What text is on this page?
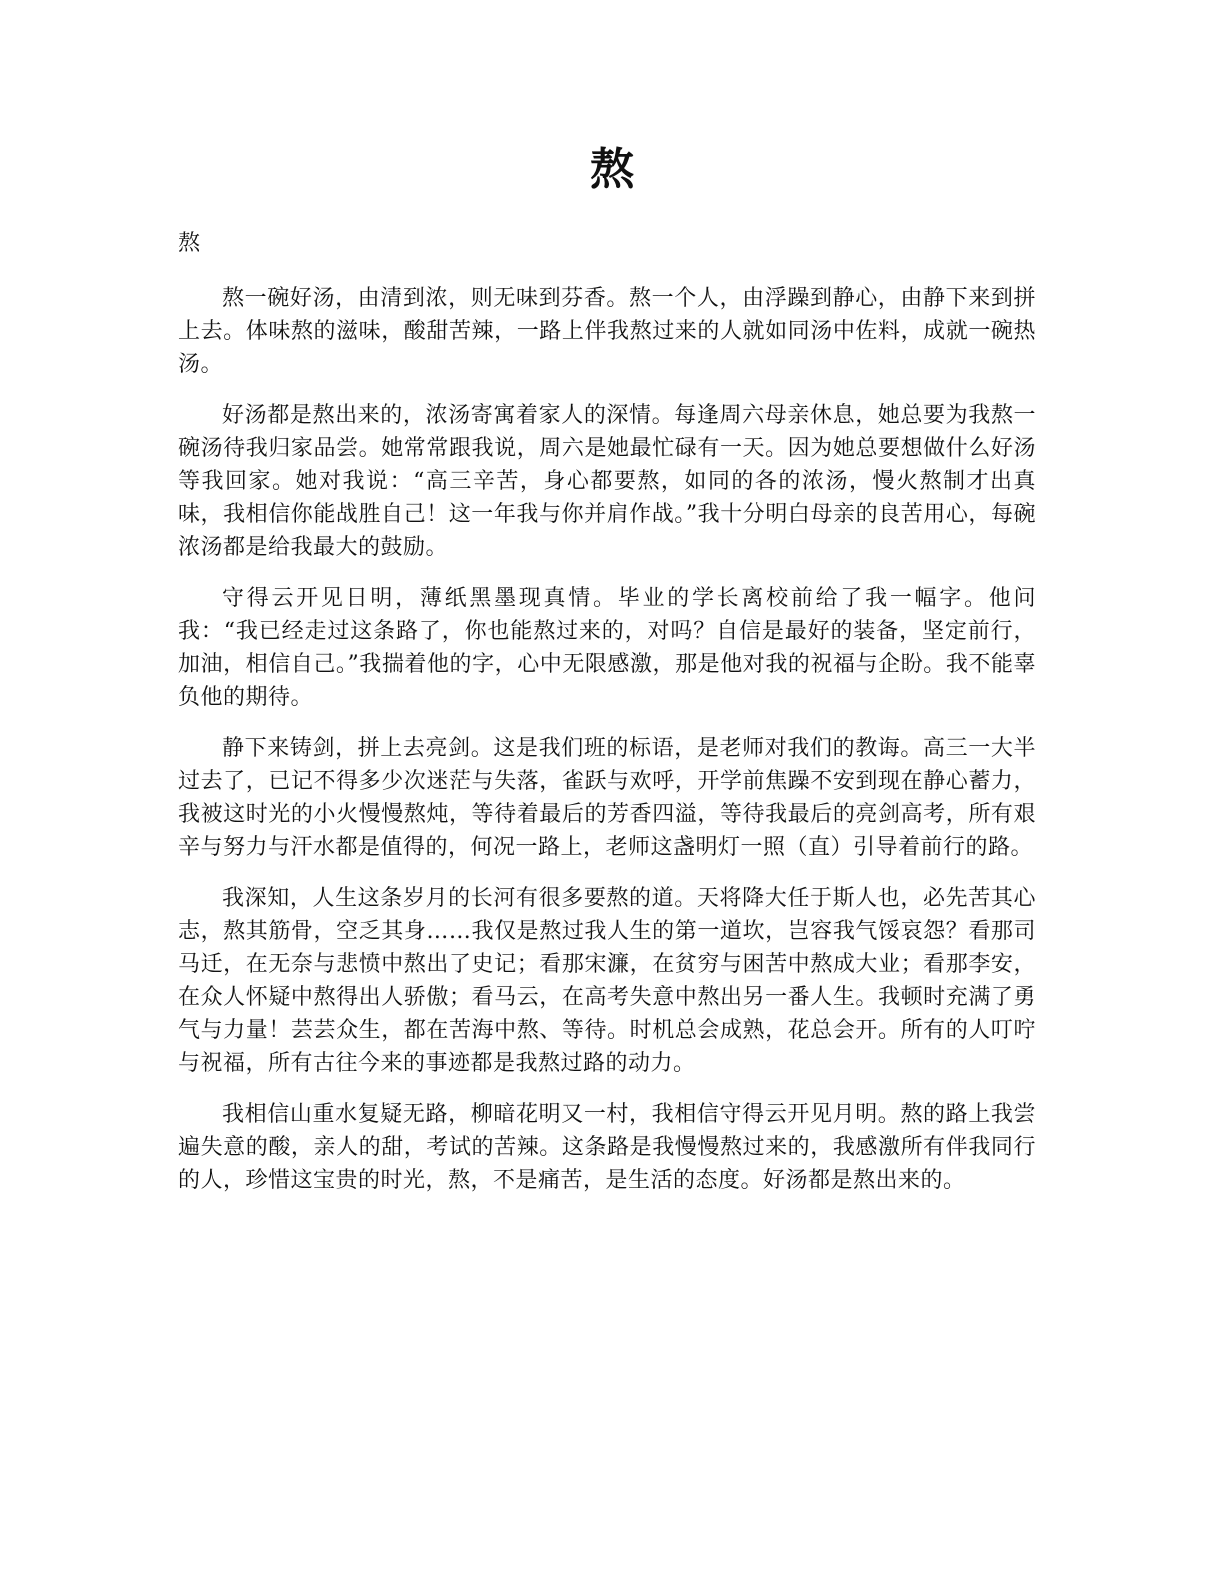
熬

熬

熬一碗好汤，由清到浓，则无味到芬香。熬一个人，由浮躁到静心，由静下来到拼上去。体味熬的滋味，酸甜苦辣，一路上伴我熬过来的人就如同汤中佐料，成就一碗热汤。

好汤都是熬出来的，浓汤寄寓着家人的深情。每逢周六母亲休息，她总要为我熬一碗汤待我归家品尝。她常常跟我说，周六是她最忙碌有一天。因为她总要想做什么好汤等我回家。她对我说：“高三辛苦，身心都要熬，如同的各的浓汤，慢火熬制才出真味，我相信你能战胜自己！这一年我与你并肩作战。”我十分明白母亲的良苦用心，每碗浓汤都是给我最大的鼓励。

守得云开见日明，薄纸黑墨现真情。毕业的学长离校前给了我一幅字。他问我：“我已经走过这条路了，你也能熬过来的，对吗？自信是最好的装备，坚定前行，加油，相信自己。”我揣着他的字，心中无限感激，那是他对我的祝福与企盼。我不能辜负他的期待。

静下来铸剑，拼上去亮剑。这是我们班的标语，是老师对我们的教诲。高三一大半过去了，已记不得多少次迷茫与失落，雀跃与欢呼，开学前焦躁不安到现在静心蓄力，我被这时光的小火慢慢熬炖，等待着最后的芳香四溢，等待我最后的亮剑高考，所有艰辛与努力与汗水都是值得的，何况一路上，老师这盏明灯一照（直）引导着前行的路。

我深知，人生这条岁月的长河有很多要熬的道。天将降大任于斯人也，必先苦其心志，熬其筋骨，空乏其身……我仅是熬过我人生的第一道坎，岂容我气馁哀怨？看那司马迁，在无奈与悲愤中熬出了史记；看那宋濂，在贫穷与困苦中熬成大业；看那李安，在众人怀疑中熬得出人骄傲；看马云，在高考失意中熬出另一番人生。我顿时充满了勇气与力量！芸芸众生，都在苦海中熬、等待。时机总会成熟，花总会开。所有的人叮咛与祝福，所有古往今来的事迹都是我熬过路的动力。

我相信山重水复疑无路，柳暗花明又一村，我相信守得云开见月明。熬的路上我尝遍失意的酸，亲人的甜，考试的苦辣。这条路是我慢慢熬过来的，我感激所有伴我同行的人，珍惜这宝贵的时光，熬，不是痛苦，是生活的态度。好汤都是熬出来的。
